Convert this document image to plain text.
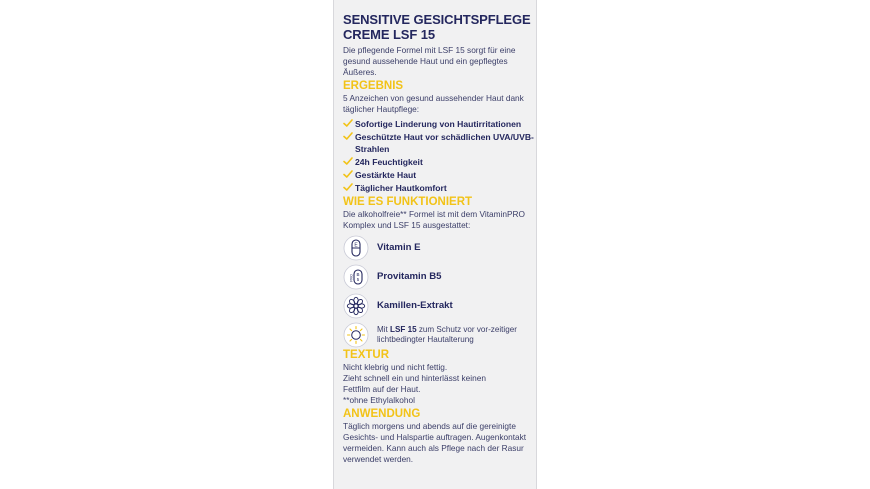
SENSITIVE GESICHTSPFLEGE
CREME LSF 15
Die pflegende Formel mit LSF 15 sorgt für eine gesund aussehende Haut und ein gepflegtes Äußeres.
ERGEBNIS
5 Anzeichen von gesund aussehender Haut dank täglicher Hautpflege:
Sofortige Linderung von Hautirritationen
Geschützte Haut vor schädlichen UVA/UVB-Strahlen
24h Feuchtigkeit
Gestärkte Haut
Täglicher Hautkomfort
WIE ES FUNKTIONIERT
Die alkoholfreie** Formel ist mit dem VitaminPRO Komplex und LSF 15 ausgestattet:
E Vitamin E
B
5
PRO Provitamin B5
Kamillen-Extrakt
Mit LSF 15 zum Schutz vor vor-zeitiger lichtbedingter Hautalterung
TEXTUR
Nicht klebrig und nicht fettig.
Zieht schnell ein und hinterlässt keinen
Fettfilm auf der Haut.
**ohne Ethylalkohol
ANWENDUNG
Täglich morgens und abends auf die gereinigte Gesichts- und Halspartie auftragen. Augenkontakt vermeiden. Kann auch als Pflege nach der Rasur verwendet werden.
